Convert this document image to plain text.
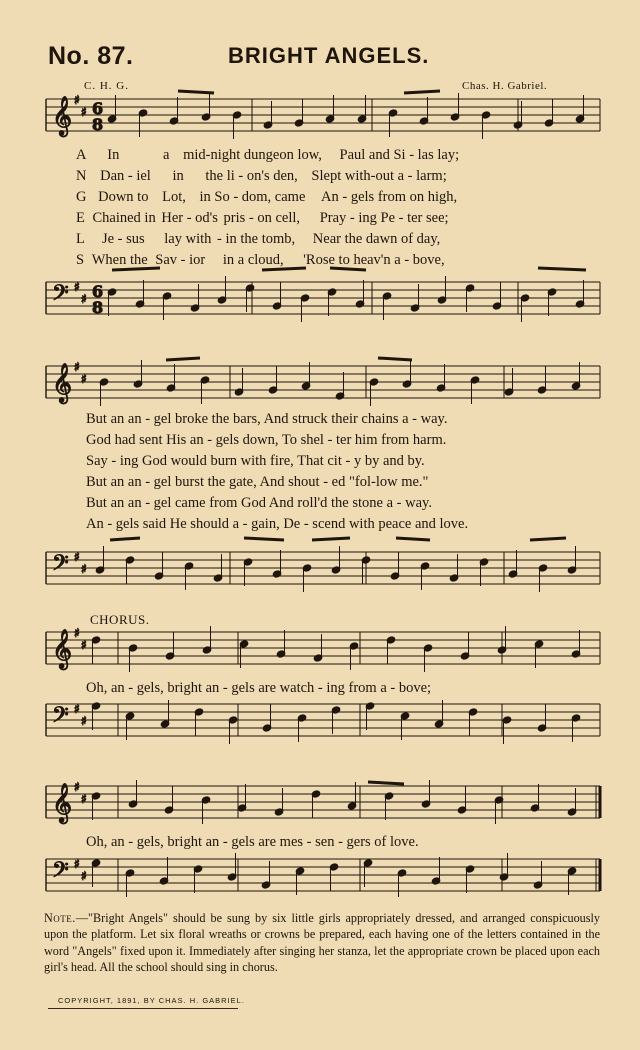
No. 87.	BRIGHT ANGELS.
C. H. G.	Chas. H. Gabriel.
𝄞 ♯
♯ 6
8
A In	a mid-night dungeon low, Paul and Si - las lay;
N Dan - iel in the li - on's den, Slept with-out a - larm;
G Down to Lot, in So - dom, came An - gels from on high,
E Chained in Her - od's pris - on cell, Pray - ing Pe - ter see;
L Je - sus lay with - in the tomb, Near the dawn of day,
S When the Sav - ior in a cloud, 'Rose to heav'n a - bove,
𝄢 ♯
♯ 6
8
𝄞 ♯
♯
But an an - gel broke the bars, And struck their chains a - way.
God had sent His an - gels down, To shel - ter him from harm.
Say - ing God would burn with fire, That cit - y by and by.
But an an - gel burst the gate, And shout - ed "fol-low me."
But an an - gel came from God And roll'd the stone a - way.
An - gels said He should a - gain, De - scend with peace and love.
𝄢 ♯
♯
CHORUS.
𝄞 ♯
♯
Oh, an - gels, bright an - gels are watch - ing from a - bove;
𝄢 ♯
♯
𝄞 ♯
♯
Oh, an - gels, bright an - gels are mes - sen - gers of love.
𝄢 ♯
♯
Note.—"Bright Angels" should be sung by six little girls appropriately dressed, and arranged conspicuously upon the platform. Let six floral wreaths or crowns be prepared, each having one of the letters contained in the word "Angels" fixed upon it. Immediately after singing her stanza, let the appropriate crown be placed upon each girl's head. All the school should sing in chorus.
COPYRIGHT, 1891, BY CHAS. H. GABRIEL.
